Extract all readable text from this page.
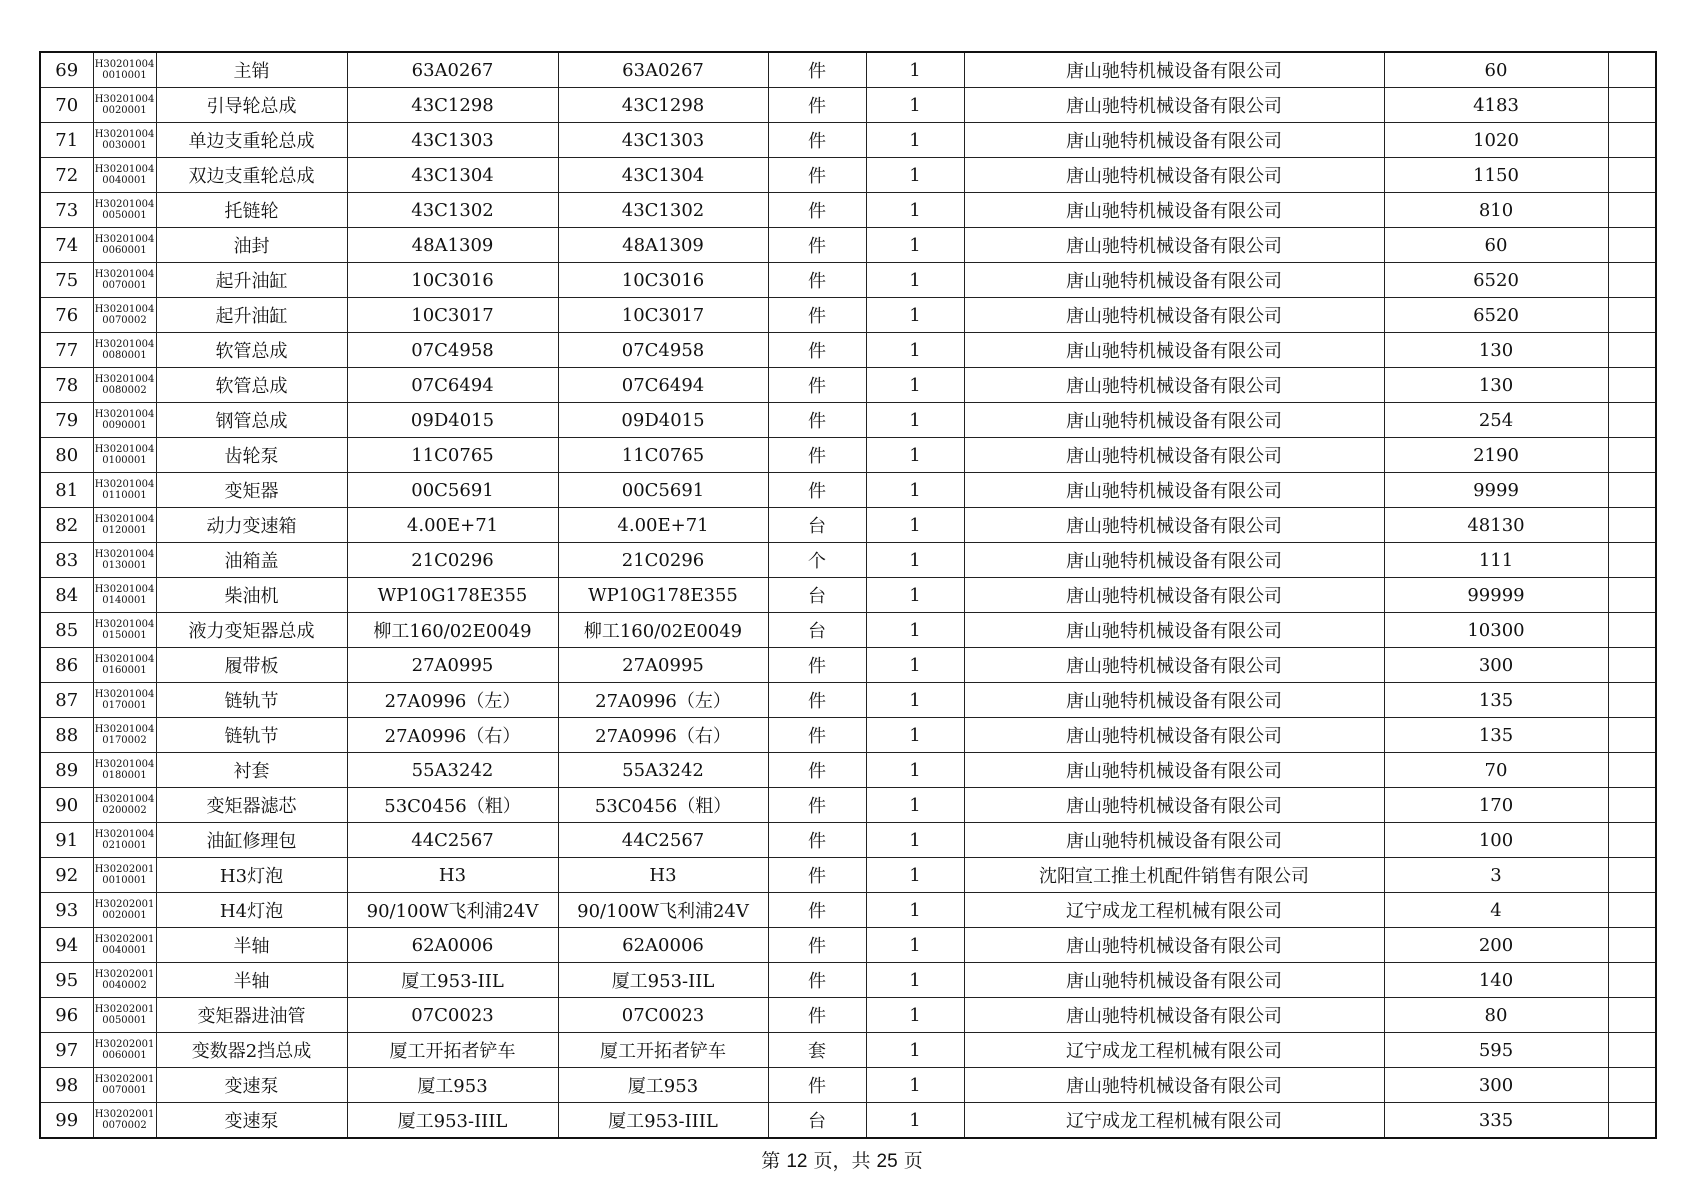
69	H302010040010001	主销	63A0267	63A0267	件	1	唐山驰特机械设备有限公司	60	
70	H302010040020001	引导轮总成	43C1298	43C1298	件	1	唐山驰特机械设备有限公司	4183	
71	H302010040030001	单边支重轮总成	43C1303	43C1303	件	1	唐山驰特机械设备有限公司	1020	
72	H302010040040001	双边支重轮总成	43C1304	43C1304	件	1	唐山驰特机械设备有限公司	1150	
73	H302010040050001	托链轮	43C1302	43C1302	件	1	唐山驰特机械设备有限公司	810	
74	H302010040060001	油封	48A1309	48A1309	件	1	唐山驰特机械设备有限公司	60	
75	H302010040070001	起升油缸	10C3016	10C3016	件	1	唐山驰特机械设备有限公司	6520	
76	H302010040070002	起升油缸	10C3017	10C3017	件	1	唐山驰特机械设备有限公司	6520	
77	H302010040080001	软管总成	07C4958	07C4958	件	1	唐山驰特机械设备有限公司	130	
78	H302010040080002	软管总成	07C6494	07C6494	件	1	唐山驰特机械设备有限公司	130	
79	H302010040090001	钢管总成	09D4015	09D4015	件	1	唐山驰特机械设备有限公司	254	
80	H302010040100001	齿轮泵	11C0765	11C0765	件	1	唐山驰特机械设备有限公司	2190	
81	H302010040110001	变矩器	00C5691	00C5691	件	1	唐山驰特机械设备有限公司	9999	
82	H302010040120001	动力变速箱	4.00E+71	4.00E+71	台	1	唐山驰特机械设备有限公司	48130	
83	H302010040130001	油箱盖	21C0296	21C0296	个	1	唐山驰特机械设备有限公司	111	
84	H302010040140001	柴油机	WP10G178E355	WP10G178E355	台	1	唐山驰特机械设备有限公司	99999	
85	H302010040150001	液力变矩器总成	柳工160/02E0049	柳工160/02E0049	台	1	唐山驰特机械设备有限公司	10300	
86	H302010040160001	履带板	27A0995	27A0995	件	1	唐山驰特机械设备有限公司	300	
87	H302010040170001	链轨节	27A0996（左）	27A0996（左）	件	1	唐山驰特机械设备有限公司	135	
88	H302010040170002	链轨节	27A0996（右）	27A0996（右）	件	1	唐山驰特机械设备有限公司	135	
89	H302010040180001	衬套	55A3242	55A3242	件	1	唐山驰特机械设备有限公司	70	
90	H302010040200002	变矩器滤芯	53C0456（粗）	53C0456（粗）	件	1	唐山驰特机械设备有限公司	170	
91	H302010040210001	油缸修理包	44C2567	44C2567	件	1	唐山驰特机械设备有限公司	100	
92	H302020010010001	H3灯泡	H3	H3	件	1	沈阳宣工推土机配件销售有限公司	3	
93	H302020010020001	H4灯泡	90/100W飞利浦24V	90/100W飞利浦24V	件	1	辽宁成龙工程机械有限公司	4	
94	H302020010040001	半轴	62A0006	62A0006	件	1	唐山驰特机械设备有限公司	200	
95	H302020010040002	半轴	厦工953-IIL	厦工953-IIL	件	1	唐山驰特机械设备有限公司	140	
96	H302020010050001	变矩器进油管	07C0023	07C0023	件	1	唐山驰特机械设备有限公司	80	
97	H302020010060001	变数器2挡总成	厦工开拓者铲车	厦工开拓者铲车	套	1	辽宁成龙工程机械有限公司	595	
98	H302020010070001	变速泵	厦工953	厦工953	件	1	唐山驰特机械设备有限公司	300	
99	H302020010070002	变速泵	厦工953-IIIL	厦工953-IIIL	台	1	辽宁成龙工程机械有限公司	335	
第 12 页，共 25 页
